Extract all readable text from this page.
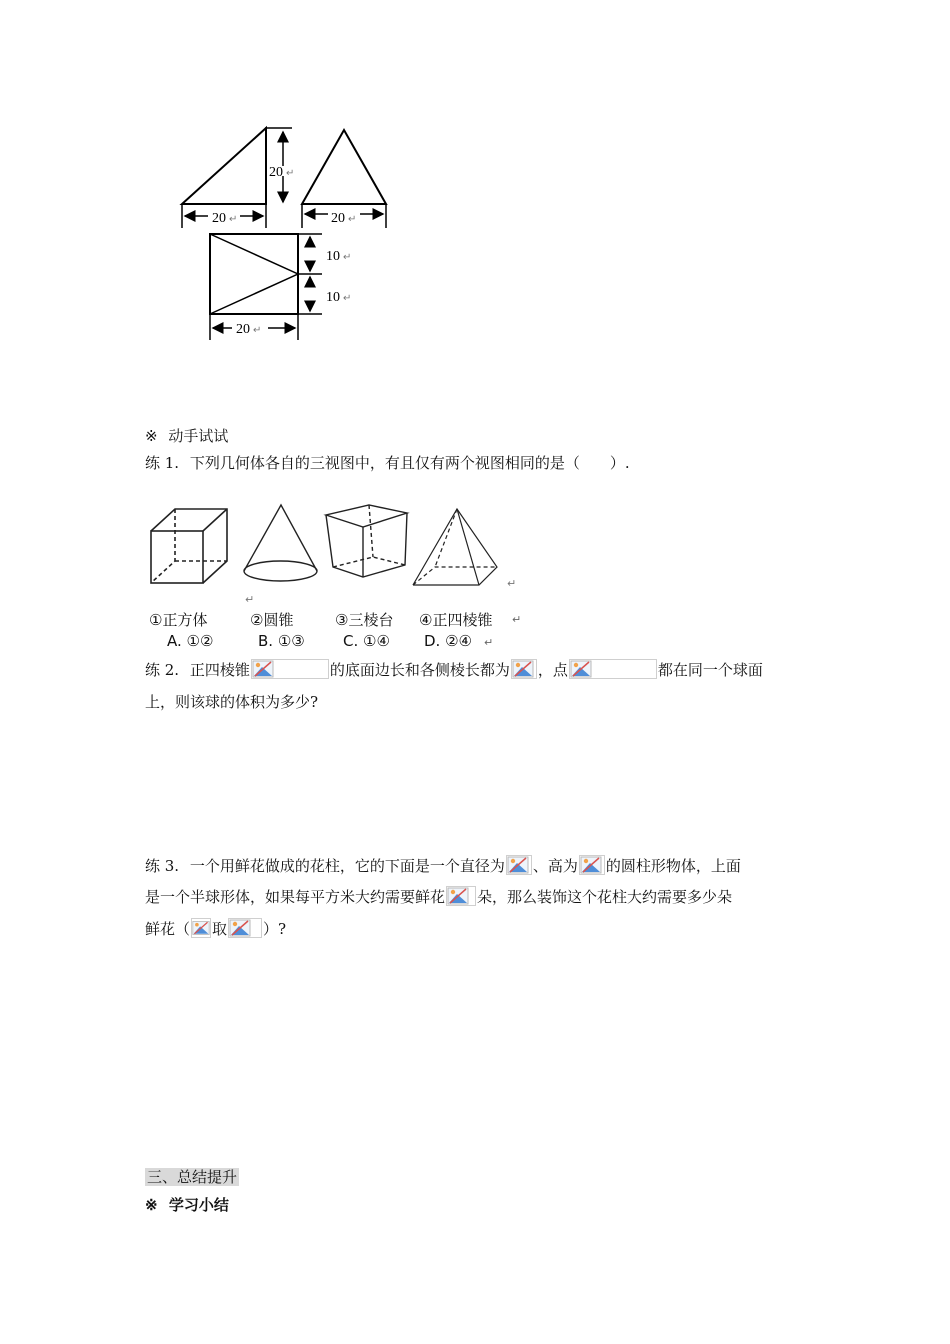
20
20	20
10
10
20
↵
↵	↵
↵
↵
↵
※ 动手试试
练 1. 下列几何体各自的三视图中，有且仅有两个视图相同的是（　　）.
↵
↵
①正方体	②圆锥	③三棱台 ④正四棱锥 ↵
A. ①②	B. ①③	C. ①④ D. ②④ ↵
练 2. 正四棱锥	的底面边长和各侧棱长都为 ，点	都在同一个球面
上，则该球的体积为多少?
练 3. 一个用鲜花做成的花柱，它的下面是一个直径为 、高为 的圆柱形物体，上面
是一个半球形体，如果每平方米大约需要鲜花 朵，那么装饰这个花柱大约需要多少朵
鲜花（ 取 ）?
三、总结提升
※ 学习小结
